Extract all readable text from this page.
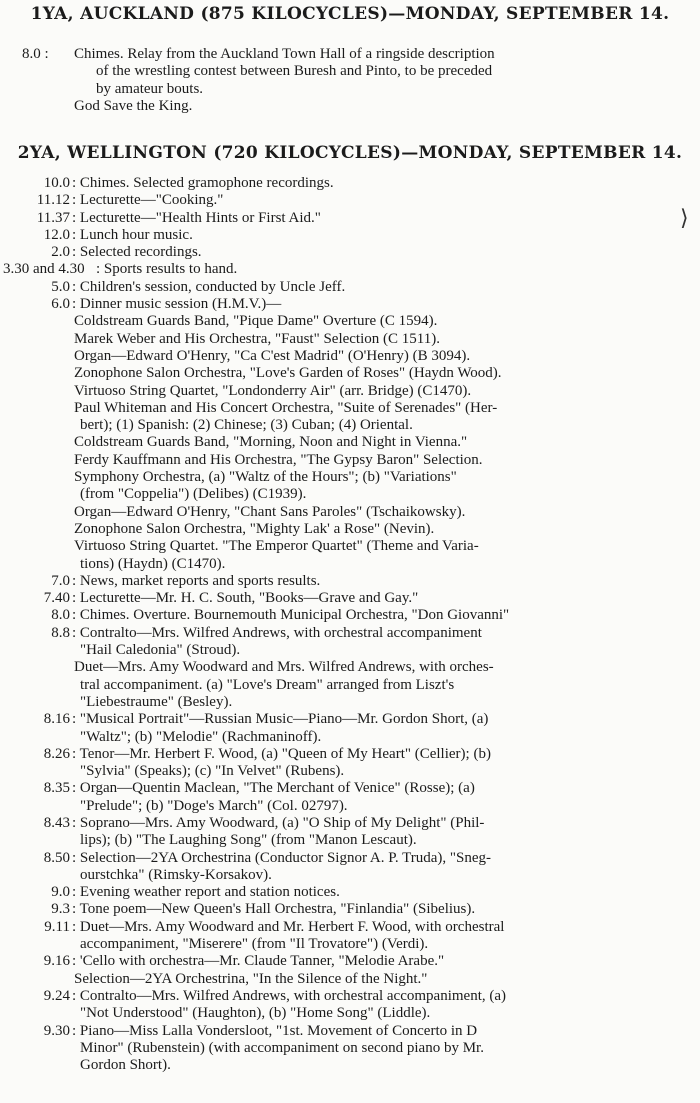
1YA, AUCKLAND (875 KILOCYCLES)—MONDAY, SEPTEMBER 14.
8.0 : Chimes. Relay from the Auckland Town Hall of a ringside description
of the wrestling contest between Buresh and Pinto, to be preceded
by amateur bouts.
God Save the King.
2YA, WELLINGTON (720 KILOCYCLES)—MONDAY, SEPTEMBER 14.
10.0 : Chimes. Selected gramophone recordings.
11.12 : Lecturette—"Cooking."
11.37 : Lecturette—"Health Hints or First Aid."
12.0 : Lunch hour music.
2.0 : Selected recordings.
3.30 and 4.30 : Sports results to hand.
5.0 : Children's session, conducted by Uncle Jeff.
6.0 : Dinner music session (H.M.V.)—
Coldstream Guards Band, "Pique Dame" Overture (C 1594).
Marek Weber and His Orchestra, "Faust" Selection (C 1511).
Organ—Edward O'Henry, "Ca C'est Madrid" (O'Henry) (B 3094).
Zonophone Salon Orchestra, "Love's Garden of Roses" (Haydn Wood).
Virtuoso String Quartet, "Londonderry Air" (arr. Bridge) (C1470).
Paul Whiteman and His Concert Orchestra, "Suite of Serenades" (Her-
bert); (1) Spanish: (2) Chinese; (3) Cuban; (4) Oriental.
Coldstream Guards Band, "Morning, Noon and Night in Vienna."
Ferdy Kauffmann and His Orchestra, "The Gypsy Baron" Selection.
Symphony Orchestra, (a) "Waltz of the Hours"; (b) "Variations"
(from "Coppelia") (Delibes) (C1939).
Organ—Edward O'Henry, "Chant Sans Paroles" (Tschaikowsky).
Zonophone Salon Orchestra, "Mighty Lak' a Rose" (Nevin).
Virtuoso String Quartet. "The Emperor Quartet" (Theme and Varia-
tions) (Haydn) (C1470).
7.0 : News, market reports and sports results.
7.40 : Lecturette—Mr. H. C. South, "Books—Grave and Gay."
8.0 : Chimes. Overture. Bournemouth Municipal Orchestra, "Don Giovanni"
8.8 : Contralto—Mrs. Wilfred Andrews, with orchestral accompaniment
"Hail Caledonia" (Stroud).
Duet—Mrs. Amy Woodward and Mrs. Wilfred Andrews, with orches-
tral accompaniment. (a) "Love's Dream" arranged from Liszt's
"Liebestraume" (Besley).
8.16 : "Musical Portrait"—Russian Music—Piano—Mr. Gordon Short, (a)
"Waltz"; (b) "Melodie" (Rachmaninoff).
8.26 : Tenor—Mr. Herbert F. Wood, (a) "Queen of My Heart" (Cellier); (b)
"Sylvia" (Speaks); (c) "In Velvet" (Rubens).
8.35 : Organ—Quentin Maclean, "The Merchant of Venice" (Rosse); (a)
"Prelude"; (b) "Doge's March" (Col. 02797).
8.43 : Soprano—Mrs. Amy Woodward, (a) "O Ship of My Delight" (Phil-
lips); (b) "The Laughing Song" (from "Manon Lescaut).
8.50 : Selection—2YA Orchestrina (Conductor Signor A. P. Truda), "Sneg-
ourstchka" (Rimsky-Korsakov).
9.0 : Evening weather report and station notices.
9.3 : Tone poem—New Queen's Hall Orchestra, "Finlandia" (Sibelius).
9.11 : Duet—Mrs. Amy Woodward and Mr. Herbert F. Wood, with orchestral
accompaniment, "Miserere" (from "Il Trovatore") (Verdi).
9.16 : 'Cello with orchestra—Mr. Claude Tanner, "Melodie Arabe."
Selection—2YA Orchestrina, "In the Silence of the Night."
9.24 : Contralto—Mrs. Wilfred Andrews, with orchestral accompaniment, (a)
"Not Understood" (Haughton), (b) "Home Song" (Liddle).
9.30 : Piano—Miss Lalla Vondersloot, "1st. Movement of Concerto in D
Minor" (Rubenstein) (with accompaniment on second piano by Mr.
Gordon Short).
⟩
